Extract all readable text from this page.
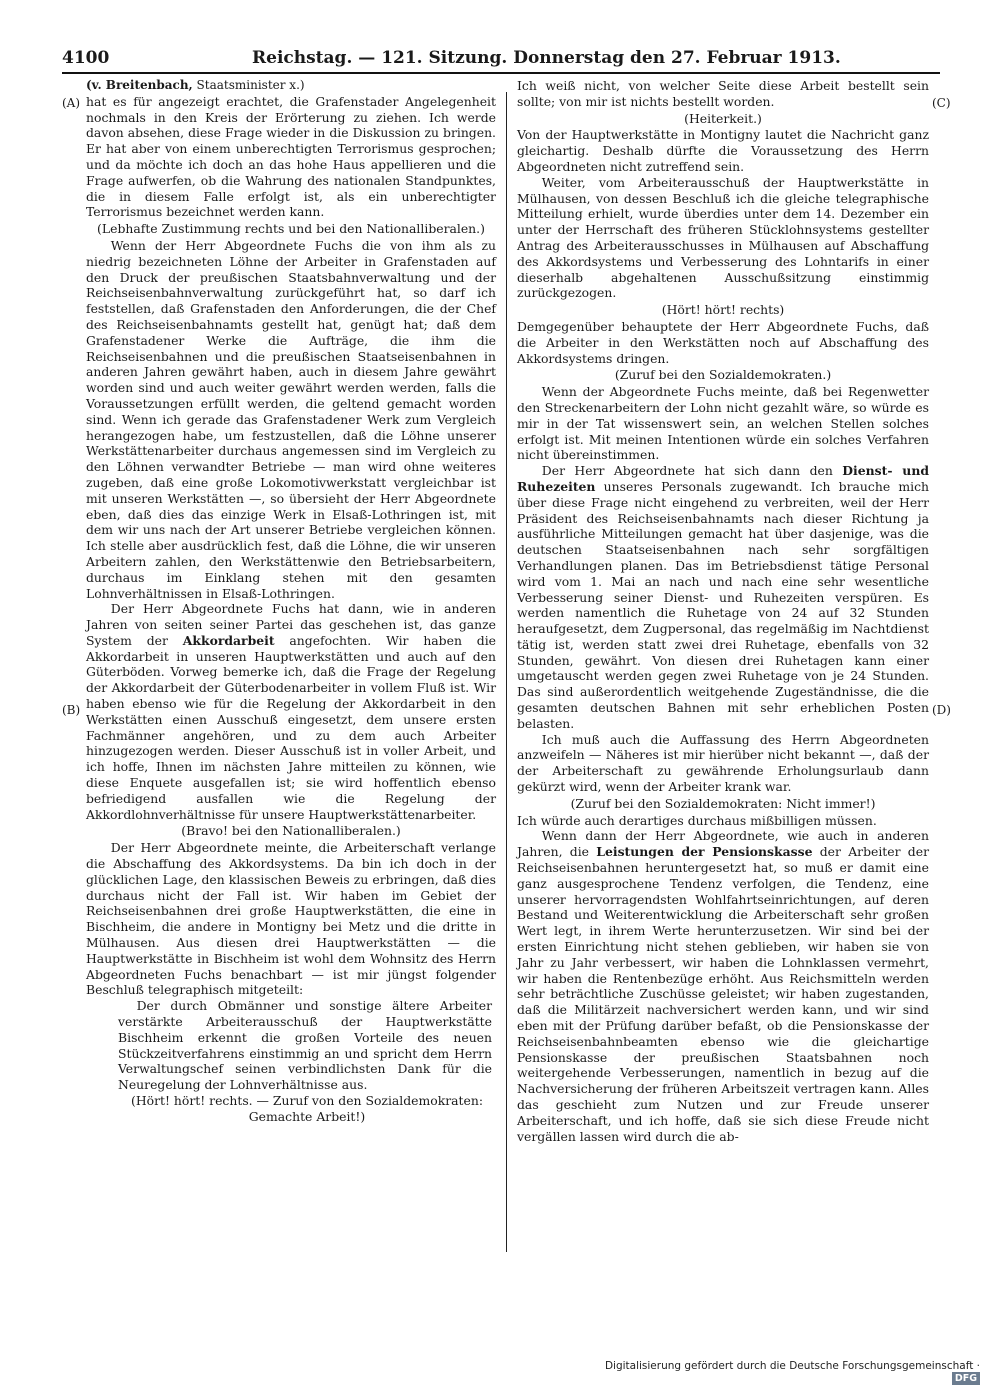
4100	Reichstag. — 121. Sitzung. Donnerstag den 27. Februar 1913.
(A)
(B)
(C)
(D)

(v. Breitenbach, Staatsminister x.)

hat es für angezeigt erachtet, die Grafenstader Angelegenheit nochmals in den Kreis der Erörterung zu ziehen. Ich werde davon absehen, diese Frage wieder in die Diskussion zu bringen. Er hat aber von einem unberechtigten Terrorismus gesprochen; und da möchte ich doch an das hohe Haus appellieren und die Frage aufwerfen, ob die Wahrung des nationalen Standpunktes, die in diesem Falle erfolgt ist, als ein unberechtigter Terrorismus bezeichnet werden kann.

(Lebhafte Zustimmung rechts und bei den Nationalliberalen.)

Wenn der Herr Abgeordnete Fuchs die von ihm als zu niedrig bezeichneten Löhne der Arbeiter in Grafenstaden auf den Druck der preußischen Staatsbahnverwaltung und der Reichseisenbahnverwaltung zurückgeführt hat, so darf ich feststellen, daß Grafenstaden den Anforderungen, die der Chef des Reichseisenbahnamts gestellt hat, genügt hat; daß dem Grafenstadener Werke die Aufträge, die ihm die Reichseisenbahnen und die preußischen Staatseisenbahnen in anderen Jahren gewährt haben, auch in diesem Jahre gewährt worden sind und auch weiter gewährt werden werden, falls die Voraussetzungen erfüllt werden, die geltend gemacht worden sind. Wenn ich gerade das Grafenstadener Werk zum Vergleich herangezogen habe, um festzustellen, daß die Löhne unserer Werkstättenarbeiter durchaus angemessen sind im Vergleich zu den Löhnen verwandter Betriebe — man wird ohne weiteres zugeben, daß eine große Lokomotivwerkstatt vergleichbar ist mit unseren Werkstätten —, so übersieht der Herr Abgeordnete eben, daß dies das einzige Werk in Elsaß-Lothringen ist, mit dem wir uns nach der Art unserer Betriebe vergleichen können. Ich stelle aber ausdrücklich fest, daß die Löhne, die wir unseren Arbeitern zahlen, den Werkstättenwie den Betriebsarbeitern, durchaus im Einklang stehen mit den gesamten Lohnverhältnissen in Elsaß-Lothringen.

Der Herr Abgeordnete Fuchs hat dann, wie in anderen Jahren von seiten seiner Partei das geschehen ist, das ganze System der Akkordarbeit angefochten. Wir haben die Akkordarbeit in unseren Hauptwerkstätten und auch auf den Güterböden. Vorweg bemerke ich, daß die Frage der Regelung der Akkordarbeit der Güterbodenarbeiter in vollem Fluß ist. Wir haben ebenso wie für die Regelung der Akkordarbeit in den Werkstätten einen Ausschuß eingesetzt, dem unsere ersten Fachmänner angehören, und zu dem auch Arbeiter hinzugezogen werden. Dieser Ausschuß ist in voller Arbeit, und ich hoffe, Ihnen im nächsten Jahre mitteilen zu können, wie diese Enquete ausgefallen ist; sie wird hoffentlich ebenso befriedigend ausfallen wie die Regelung der Akkordlohnverhältnisse für unsere Hauptwerkstättenarbeiter.

(Bravo! bei den Nationalliberalen.)

Der Herr Abgeordnete meinte, die Arbeiterschaft verlange die Abschaffung des Akkordsystems. Da bin ich doch in der glücklichen Lage, den klassischen Beweis zu erbringen, daß dies durchaus nicht der Fall ist. Wir haben im Gebiet der Reichseisenbahnen drei große Hauptwerkstätten, die eine in Bischheim, die andere in Montigny bei Metz und die dritte in Mülhausen. Aus diesen drei Hauptwerkstätten — die Hauptwerkstätte in Bischheim ist wohl dem Wohnsitz des Herrn Abgeordneten Fuchs benachbart — ist mir jüngst folgender Beschluß telegraphisch mitgeteilt:

Der durch Obmänner und sonstige ältere Arbeiter verstärkte Arbeiterausschuß der Hauptwerkstätte Bischheim erkennt die großen Vorteile des neuen Stückzeitverfahrens einstimmig an und spricht dem Herrn Verwaltungschef seinen verbindlichsten Dank für die Neuregelung der Lohnverhältnisse aus.

(Hört! hört! rechts. — Zuruf von den Sozialdemokraten: Gemachte Arbeit!)

Ich weiß nicht, von welcher Seite diese Arbeit bestellt sein sollte; von mir ist nichts bestellt worden.

(Heiterkeit.)

Von der Hauptwerkstätte in Montigny lautet die Nachricht ganz gleichartig. Deshalb dürfte die Voraussetzung des Herrn Abgeordneten nicht zutreffend sein.

Weiter, vom Arbeiterausschuß der Hauptwerkstätte in Mülhausen, von dessen Beschluß ich die gleiche telegraphische Mitteilung erhielt, wurde überdies unter dem 14. Dezember ein unter der Herrschaft des früheren Stücklohnsystems gestellter Antrag des Arbeiterausschusses in Mülhausen auf Abschaffung des Akkordsystems und Verbesserung des Lohntarifs in einer dieserhalb abgehaltenen Ausschußsitzung einstimmig zurückgezogen.

(Hört! hört! rechts)

Demgegenüber behauptete der Herr Abgeordnete Fuchs, daß die Arbeiter in den Werkstätten noch auf Abschaffung des Akkordsystems dringen.

(Zuruf bei den Sozialdemokraten.)

Wenn der Abgeordnete Fuchs meinte, daß bei Regenwetter den Streckenarbeitern der Lohn nicht gezahlt wäre, so würde es mir in der Tat wissenswert sein, an welchen Stellen solches erfolgt ist. Mit meinen Intentionen würde ein solches Verfahren nicht übereinstimmen.

Der Herr Abgeordnete hat sich dann den Dienst- und Ruhezeiten unseres Personals zugewandt. Ich brauche mich über diese Frage nicht eingehend zu verbreiten, weil der Herr Präsident des Reichseisenbahnamts nach dieser Richtung ja ausführliche Mitteilungen gemacht hat über dasjenige, was die deutschen Staatseisenbahnen nach sehr sorgfältigen Verhandlungen planen. Das im Betriebsdienst tätige Personal wird vom 1. Mai an nach und nach eine sehr wesentliche Verbesserung seiner Dienst- und Ruhezeiten verspüren. Es werden namentlich die Ruhetage von 24 auf 32 Stunden heraufgesetzt, dem Zugpersonal, das regelmäßig im Nachtdienst tätig ist, werden statt zwei drei Ruhetage, ebenfalls von 32 Stunden, gewährt. Von diesen drei Ruhetagen kann einer umgetauscht werden gegen zwei Ruhetage von je 24 Stunden. Das sind außerordentlich weitgehende Zugeständnisse, die die gesamten deutschen Bahnen mit sehr erheblichen Posten belasten.

Ich muß auch die Auffassung des Herrn Abgeordneten anzweifeln — Näheres ist mir hierüber nicht bekannt —, daß der der Arbeiterschaft zu gewährende Erholungsurlaub dann gekürzt wird, wenn der Arbeiter krank war.

(Zuruf bei den Sozialdemokraten: Nicht immer!)

Ich würde auch derartiges durchaus mißbilligen müssen.

Wenn dann der Herr Abgeordnete, wie auch in anderen Jahren, die Leistungen der Pensionskasse der Arbeiter der Reichseisenbahnen heruntergesetzt hat, so muß er damit eine ganz ausgesprochene Tendenz verfolgen, die Tendenz, eine unserer hervorragendsten Wohlfahrtseinrichtungen, auf deren Bestand und Weiterentwicklung die Arbeiterschaft sehr großen Wert legt, in ihrem Werte herunterzusetzen. Wir sind bei der ersten Einrichtung nicht stehen geblieben, wir haben sie von Jahr zu Jahr verbessert, wir haben die Lohnklassen vermehrt, wir haben die Rentenbezüge erhöht. Aus Reichsmitteln werden sehr beträchtliche Zuschüsse geleistet; wir haben zugestanden, daß die Militärzeit nachversichert werden kann, und wir sind eben mit der Prüfung darüber befaßt, ob die Pensionskasse der Reichseisenbahnbeamten ebenso wie die gleichartige Pensionskasse der preußischen Staatsbahnen noch weitergehende Verbesserungen, namentlich in bezug auf die Nachversicherung der früheren Arbeitszeit vertragen kann. Alles das geschieht zum Nutzen und zur Freude unserer Arbeiterschaft, und ich hoffe, daß sie sich diese Freude nicht vergällen lassen wird durch die ab-

Digitalisierung gefördert durch die Deutsche Forschungsgemeinschaft · DFG
